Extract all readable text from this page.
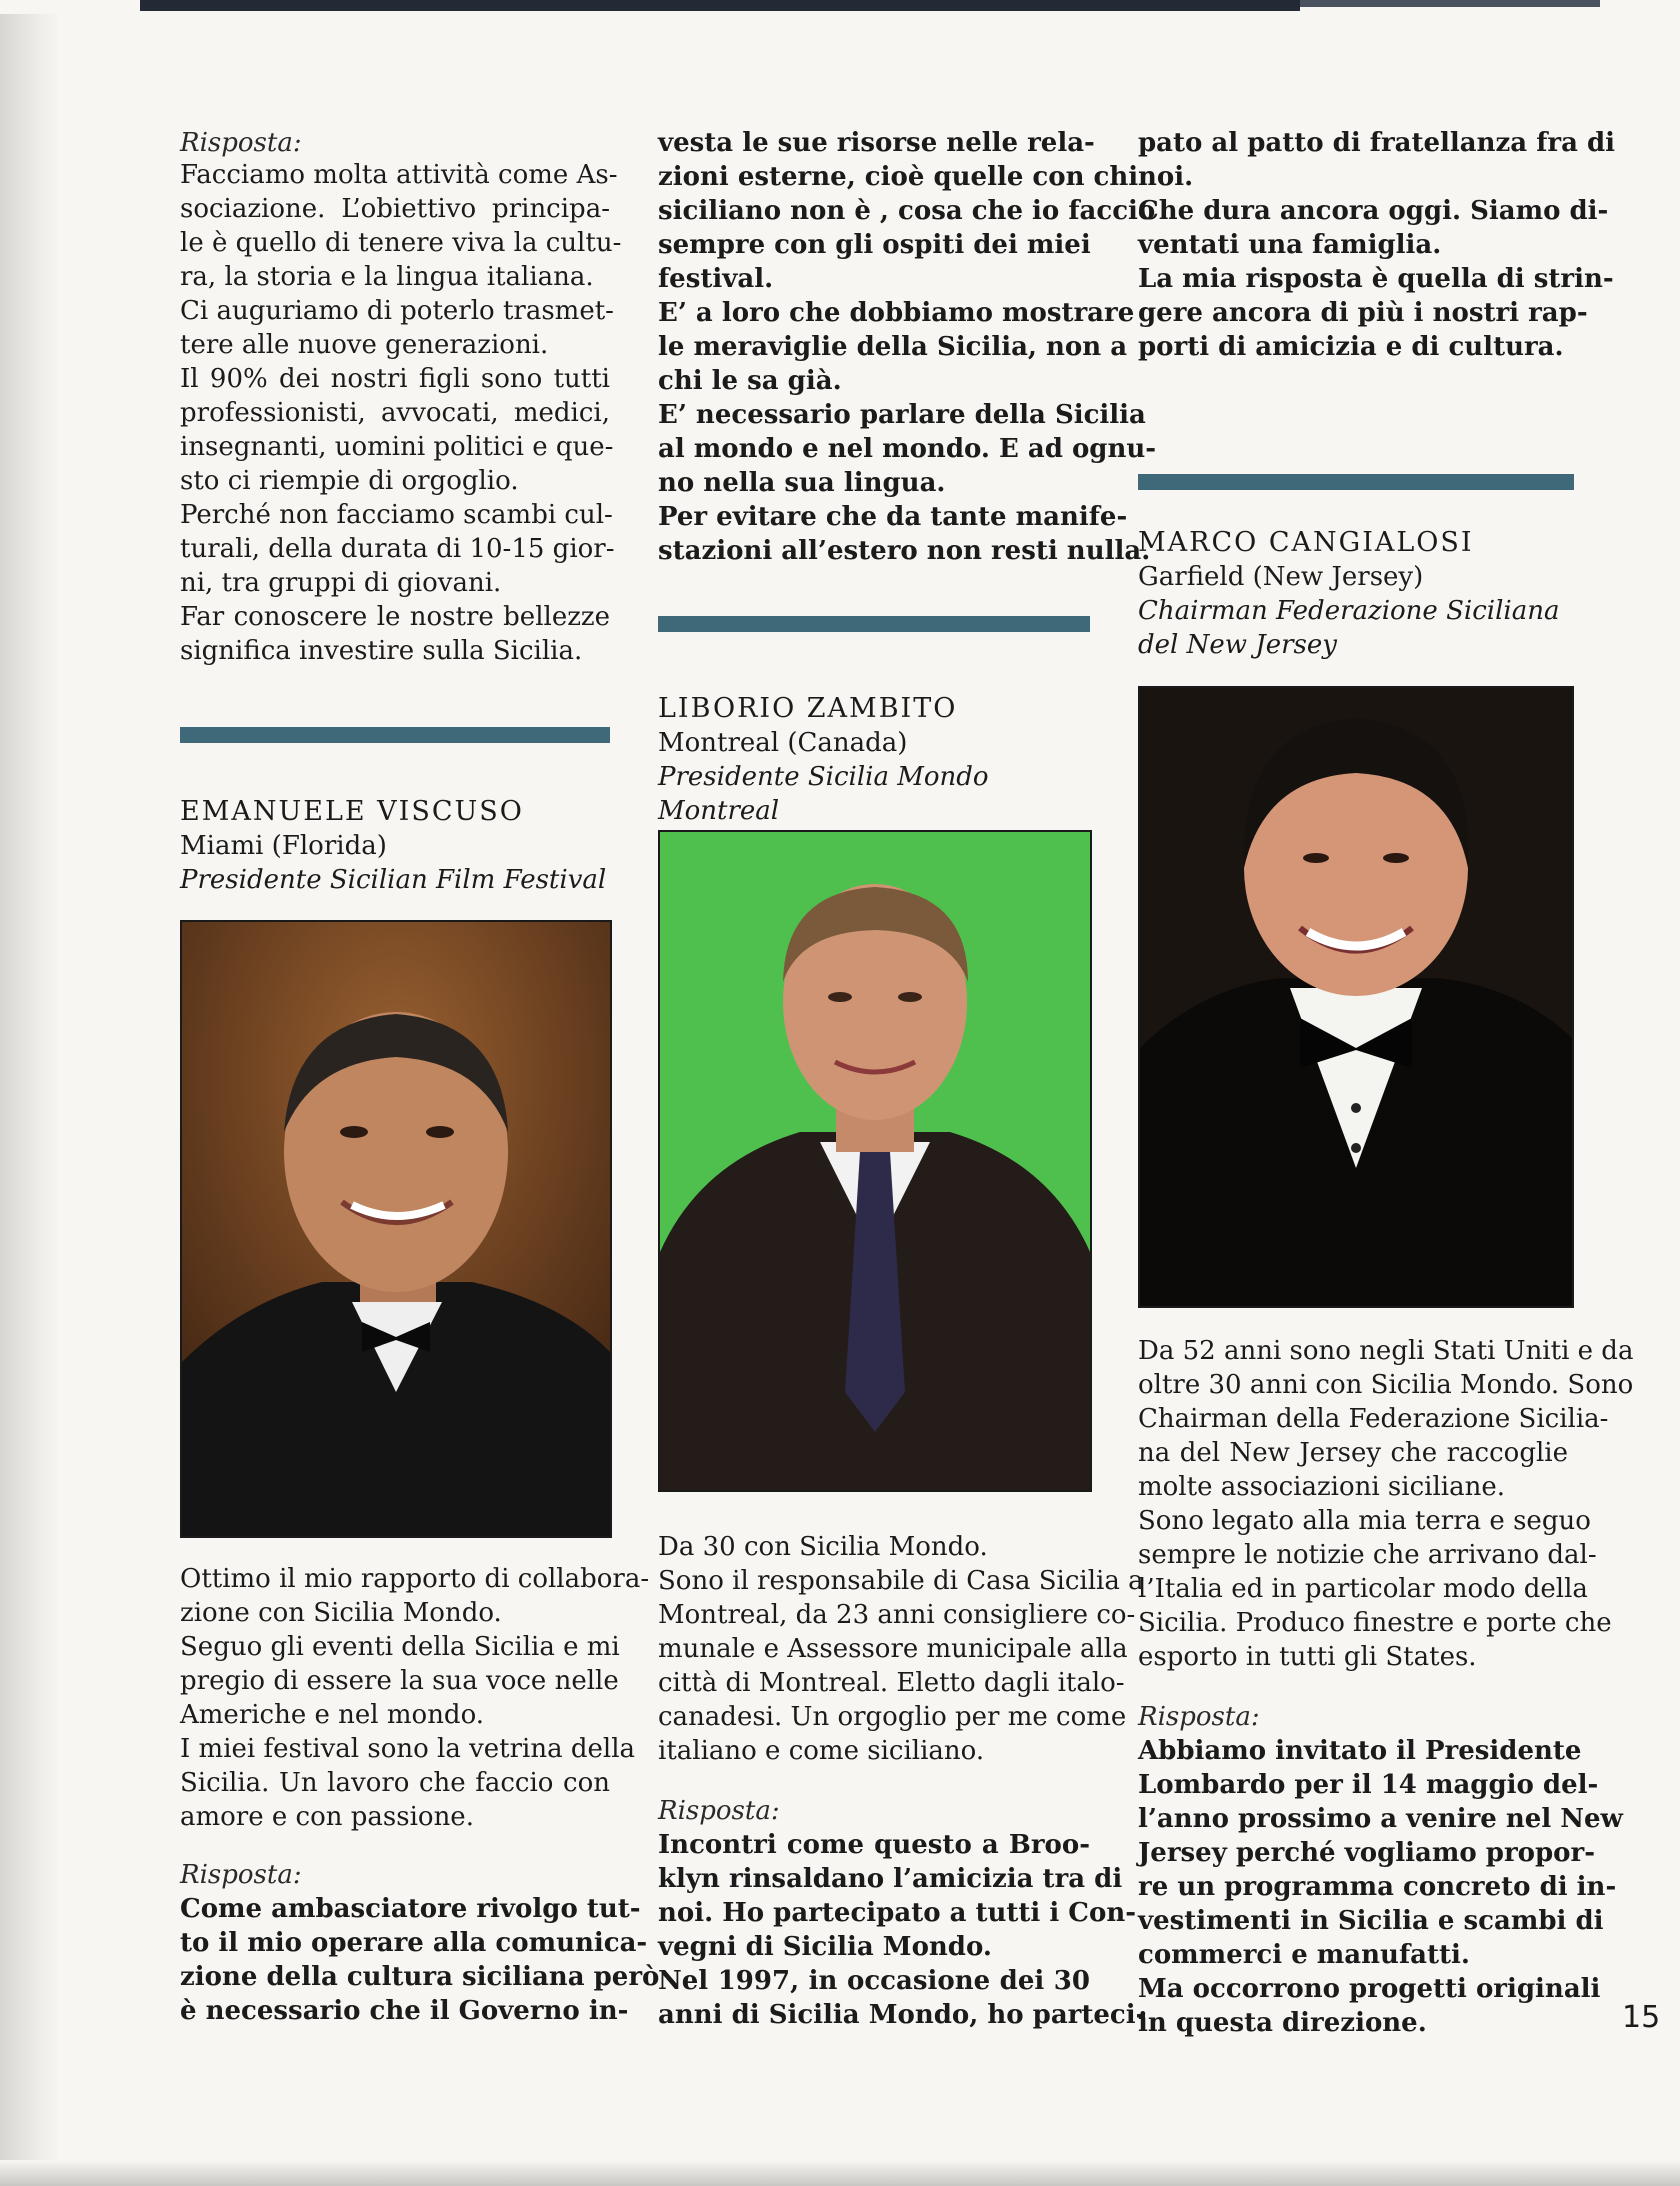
Risposta:

Facciamo molta attività come As-
sociazione. L’obiettivo principa-
le è quello di tenere viva la cultu-
ra, la storia e la lingua italiana.
Ci auguriamo di poterlo trasmet-
tere alle nuove generazioni.
Il 90% dei nostri figli sono tutti
professionisti, avvocati, medici,
insegnanti, uomini politici e que-
sto ci riempie di orgoglio.
Perché non facciamo scambi cul-
turali, della durata di 10-15 gior-
ni, tra gruppi di giovani.
Far conoscere le nostre bellezze
significa investire sulla Sicilia.

EMANUELE VISCUSO

Miami (Florida)

Presidente Sicilian Film Festival

Ottimo il mio rapporto di collabora-
zione con Sicilia Mondo.
Seguo gli eventi della Sicilia e mi
pregio di essere la sua voce nelle
Americhe e nel mondo.
I miei festival sono la vetrina della
Sicilia. Un lavoro che faccio con
amore e con passione.

Risposta:

Come ambasciatore rivolgo tut-
to il mio operare alla comunica-
zione della cultura siciliana però
è necessario che il Governo in-
vesta le sue risorse nelle rela-
zioni esterne, cioè quelle con chi
siciliano non è , cosa che io faccio
sempre con gli ospiti dei miei
festival.
E’ a loro che dobbiamo mostrare
le meraviglie della Sicilia, non a
chi le sa già.
E’ necessario parlare della Sicilia
al mondo e nel mondo. E ad ognu-
no nella sua lingua.
Per evitare che da tante manife-
stazioni all’estero non resti nulla.

LIBORIO ZAMBITO

Montreal (Canada)

Presidente Sicilia Mondo Montreal

Da 30 con Sicilia Mondo.
Sono il responsabile di Casa Sicilia a
Montreal, da 23 anni consigliere co-
munale e Assessore municipale alla
città di Montreal. Eletto dagli italo-
canadesi. Un orgoglio per me come
italiano e come siciliano.

Risposta:

Incontri come questo a Broo-
klyn rinsaldano l’amicizia tra di
noi. Ho partecipato a tutti i Con-
vegni di Sicilia Mondo.
Nel 1997, in occasione dei 30
anni di Sicilia Mondo, ho parteci-
pato al patto di fratellanza fra di
noi.
Che dura ancora oggi. Siamo di-
ventati una famiglia.
La mia risposta è quella di strin-
gere ancora di più i nostri rap-
porti di amicizia e di cultura.

MARCO CANGIALOSI

Garfield (New Jersey)

Chairman Federazione Siciliana

del New Jersey

Da 52 anni sono negli Stati Uniti e da
oltre 30 anni con Sicilia Mondo. Sono
Chairman della Federazione Sicilia-
na del New Jersey che raccoglie
molte associazioni siciliane.
Sono legato alla mia terra e seguo
sempre le notizie che arrivano dal-
l’Italia ed in particolar modo della
Sicilia. Produco finestre e porte che
esporto in tutti gli States.

Risposta:

Abbiamo invitato il Presidente
Lombardo per il 14 maggio del-
l’anno prossimo a venire nel New
Jersey perché vogliamo propor-
re un programma concreto di in-
vestimenti in Sicilia e scambi di
commerci e manufatti.
Ma occorrono progetti originali
in questa direzione.	15
